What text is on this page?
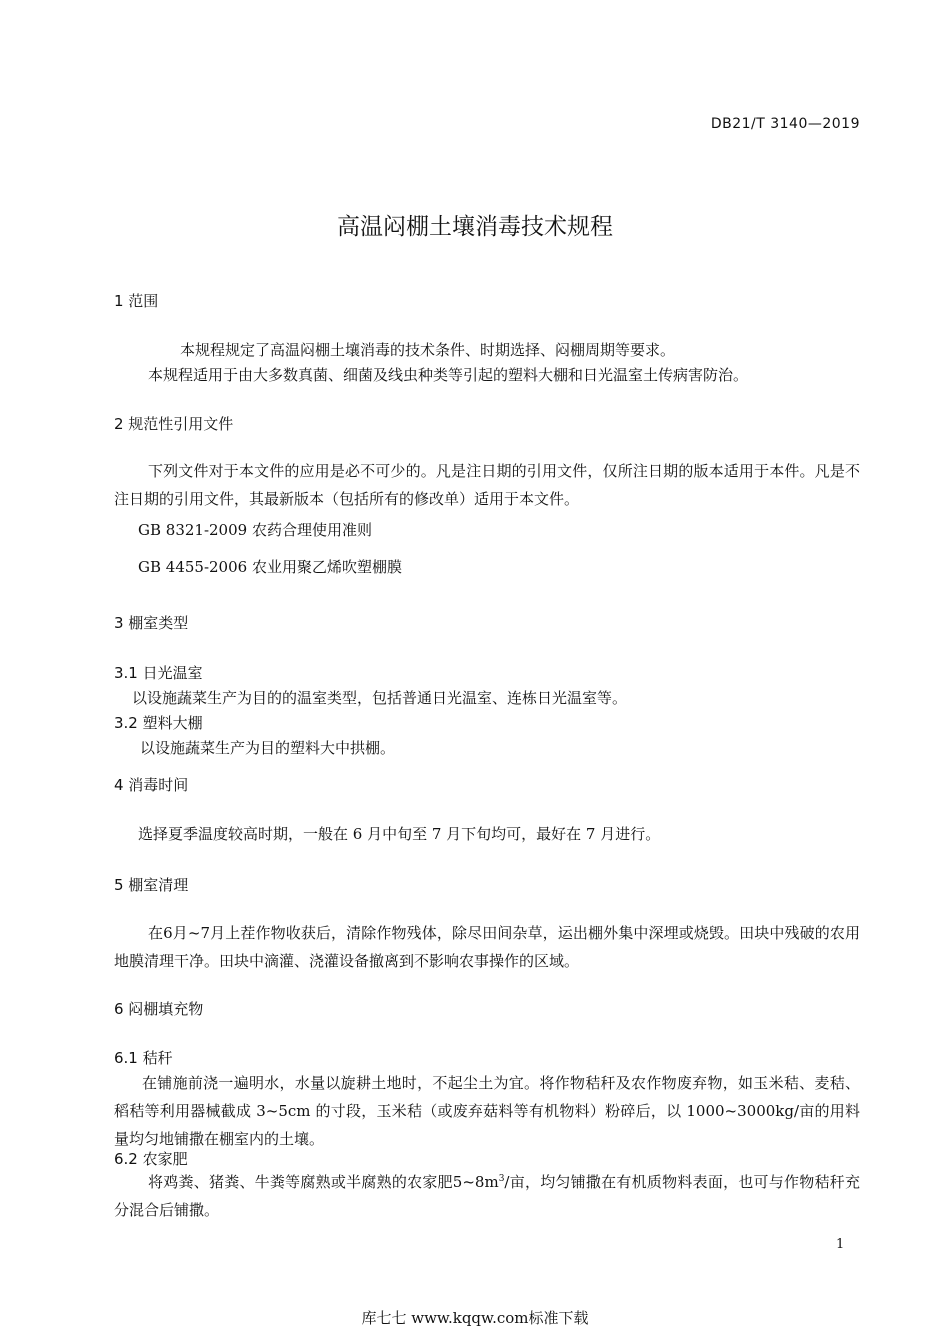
DB21/T 3140—2019
高温闷棚土壤消毒技术规程
1 范围
本规程规定了高温闷棚土壤消毒的技术条件、时期选择、闷棚周期等要求。
本规程适用于由大多数真菌、细菌及线虫种类等引起的塑料大棚和日光温室土传病害防治。
2 规范性引用文件
下列文件对于本文件的应用是必不可少的。凡是注日期的引用文件，仅所注日期的版本适用于本件。凡是不注日期的引用文件，其最新版本（包括所有的修改单）适用于本文件。
GB 8321-2009 农药合理使用准则
GB 4455-2006 农业用聚乙烯吹塑棚膜
3 棚室类型
3.1 日光温室
以设施蔬菜生产为目的的温室类型，包括普通日光温室、连栋日光温室等。
3.2 塑料大棚
以设施蔬菜生产为目的塑料大中拱棚。
4 消毒时间
选择夏季温度较高时期，一般在 6 月中旬至 7 月下旬均可，最好在 7 月进行。
5 棚室清理
在6月~7月上茬作物收获后，清除作物残体，除尽田间杂草，运出棚外集中深埋或烧毁。田块中残破的农用地膜清理干净。田块中滴灌、浇灌设备撤离到不影响农事操作的区域。
6 闷棚填充物
6.1 秸秆
在铺施前浇一遍明水，水量以旋耕土地时，不起尘土为宜。将作物秸秆及农作物废弃物，如玉米秸、麦秸、稻秸等利用器械截成 3~5cm 的寸段，玉米秸（或废弃菇料等有机物料）粉碎后，以 1000~3000kg/亩的用料量均匀地铺撒在棚室内的土壤。
6.2 农家肥
将鸡粪、猪粪、牛粪等腐熟或半腐熟的农家肥$5\sim 8m^3/$亩，均匀铺撒在有机质物料表面，也可与作物秸秆充分混合后铺撒。
1
库七七 www.kqqw.com标准下载
